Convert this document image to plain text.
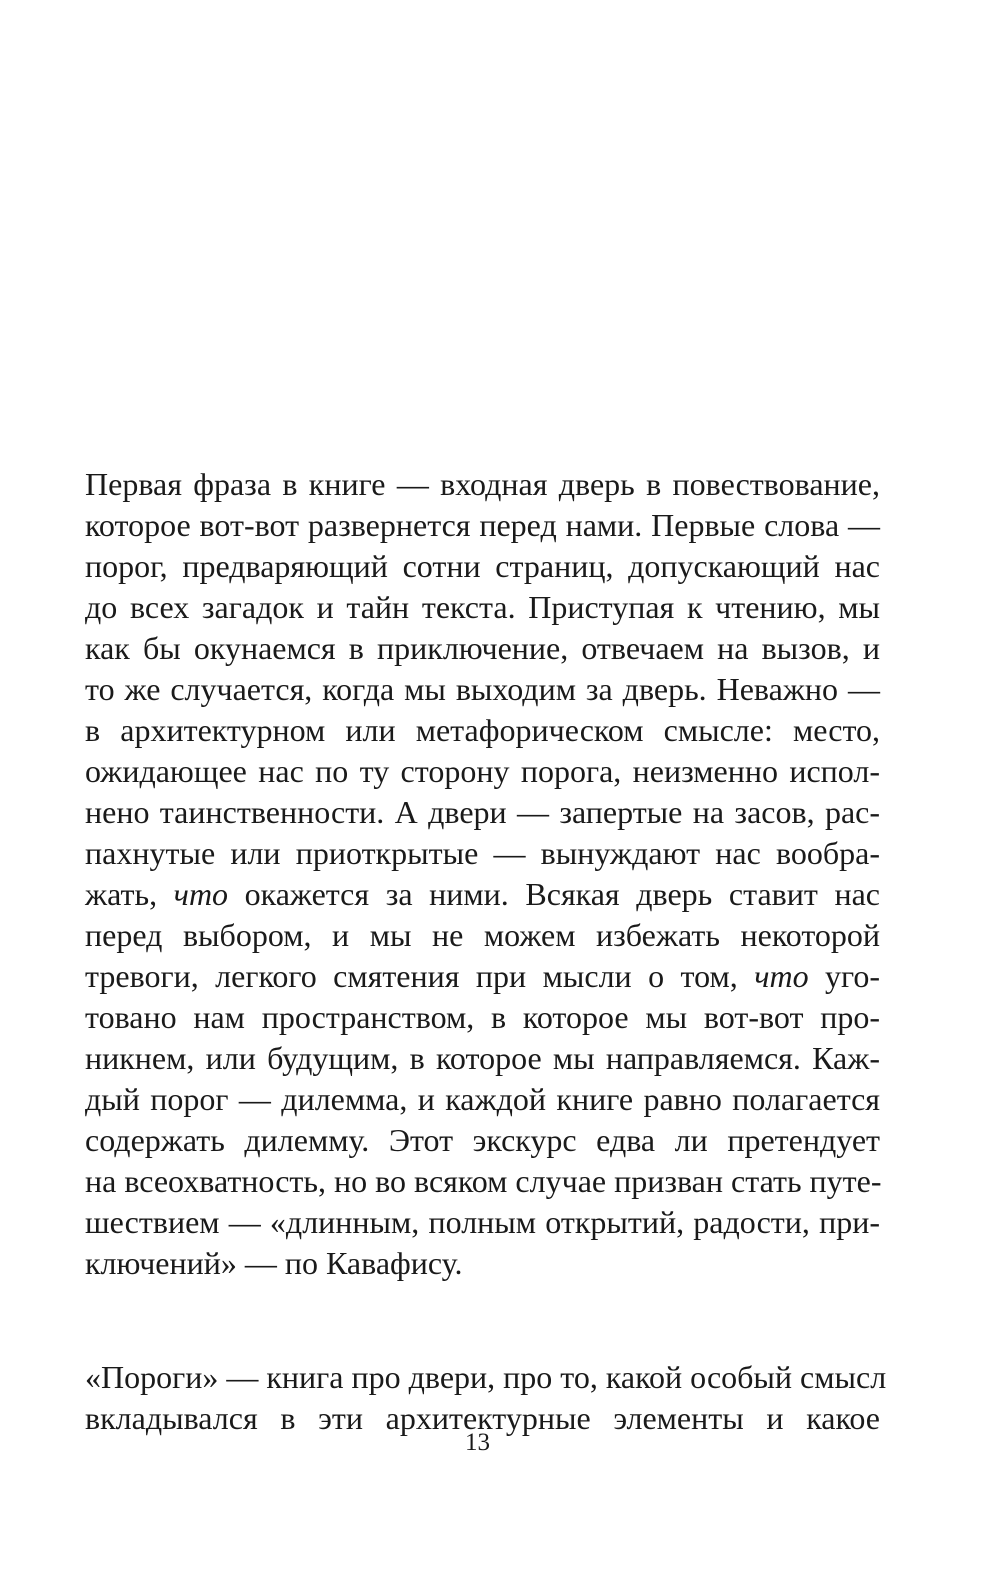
Первая фраза в книге — входная дверь в повествование,
которое вот-вот развернется перед нами. Первые слова —
порог, предваряющий сотни страниц, допускающий нас
до всех загадок и тайн текста. Приступая к чтению, мы
как бы окунаемся в приключение, отвечаем на вызов, и
то же случается, когда мы выходим за дверь. Неважно —
в архитектурном или метафорическом смысле: место,
ожидающее нас по ту сторону порога, неизменно испол-
нено таинственности. А двери — запертые на засов, рас-
пахнутые или приоткрытые — вынуждают нас вообра-
жать, что окажется за ними. Всякая дверь ставит нас
перед выбором, и мы не можем избежать некоторой
тревоги, легкого смятения при мысли о том, что уго-
товано нам пространством, в которое мы вот-вот про-
никнем, или будущим, в которое мы направляемся. Каж-
дый порог — дилемма, и каждой книге равно полагается
содержать дилемму. Этот экскурс едва ли претендует
на всеохватность, но во всяком случае призван стать путе-
шествием — «длинным, полным открытий, радости, при-
ключений» — по Кавафису.
«Пороги» — книга про двери, про то, какой особый смысл
вкладывался в эти архитектурные элементы и какое
13
